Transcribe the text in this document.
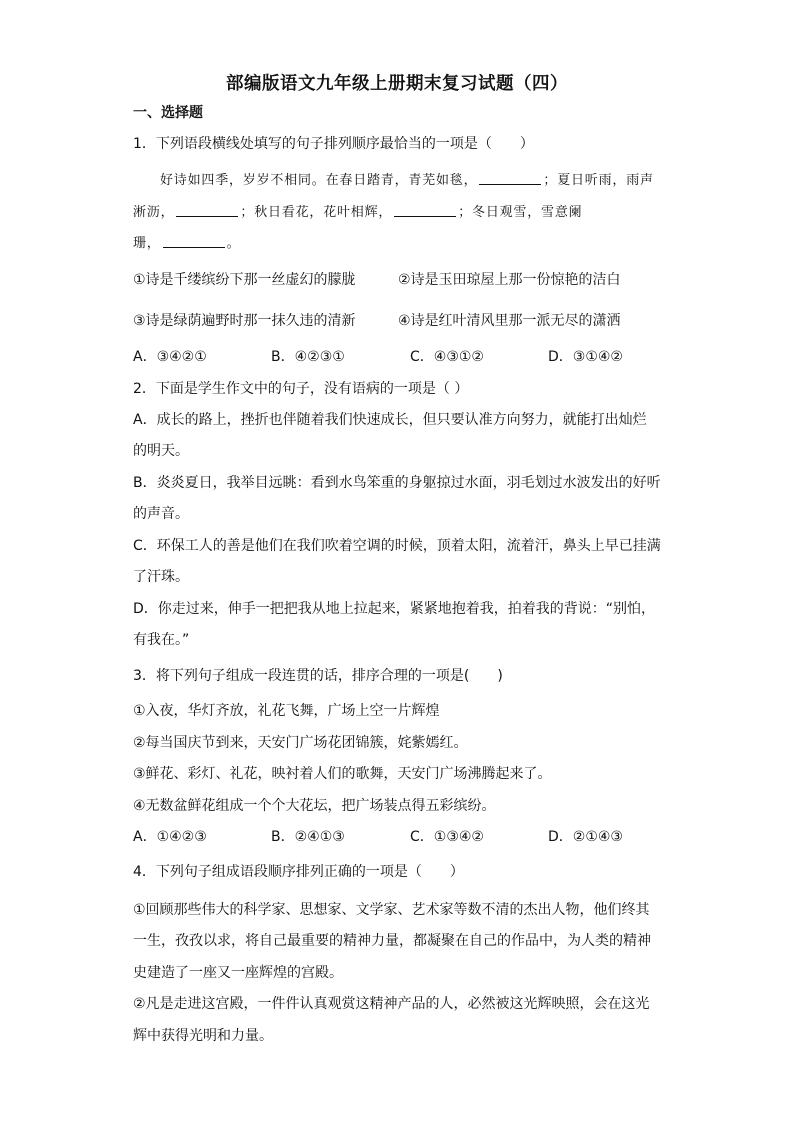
部编版语文九年级上册期末复习试题（四）
一、选择题
1．下列语段横线处填写的句子排列顺序最恰当的一项是（　　）
好诗如四季，岁岁不相同。在春日踏青，青芜如毯，	；夏日听雨，雨声
淅沥，	；秋日看花，花叶相辉，	；冬日观雪，雪意阑
珊，	。
①诗是千缕缤纷下那一丝虚幻的朦胧	②诗是玉田琼屋上那一份惊艳的洁白
③诗是绿荫遍野时那一抹久违的清新	④诗是红叶清风里那一派无尽的潇洒
A．③④②①	B．④②③①	C．④③①②	D．③①④②
2．下面是学生作文中的句子，没有语病的一项是（ ）
A．成长的路上，挫折也伴随着我们快速成长，但只要认准方向努力，就能打出灿烂
的明天。
B．炎炎夏日，我举目远眺：看到水鸟笨重的身躯掠过水面，羽毛划过水波发出的好听
的声音。
C．环保工人的善是他们在我们吹着空调的时候，顶着太阳，流着汗，鼻头上早已挂满
了汗珠。
D．你走过来，伸手一把把我从地上拉起来，紧紧地抱着我，拍着我的背说：“别怕，
有我在。”
3．将下列句子组成一段连贯的话，排序合理的一项是(　　)
①入夜，华灯齐放，礼花飞舞，广场上空一片辉煌
②每当国庆节到来，天安门广场花团锦簇，姹紫嫣红。
③鲜花、彩灯、礼花，映衬着人们的歌舞，天安门广场沸腾起来了。
④无数盆鲜花组成一个个大花坛，把广场装点得五彩缤纷。
A．①④②③	B．②④①③	C．①③④②	D．②①④③
4．下列句子组成语段顺序排列正确的一项是（　　）
①回顾那些伟大的科学家、思想家、文学家、艺术家等数不清的杰出人物，他们终其
一生，孜孜以求，将自己最重要的精神力量，都凝聚在自己的作品中，为人类的精神
史建造了一座又一座辉煌的宫殿。
②凡是走进这宫殿，一件件认真观赏这精神产品的人，必然被这光辉映照，会在这光
辉中获得光明和力量。
